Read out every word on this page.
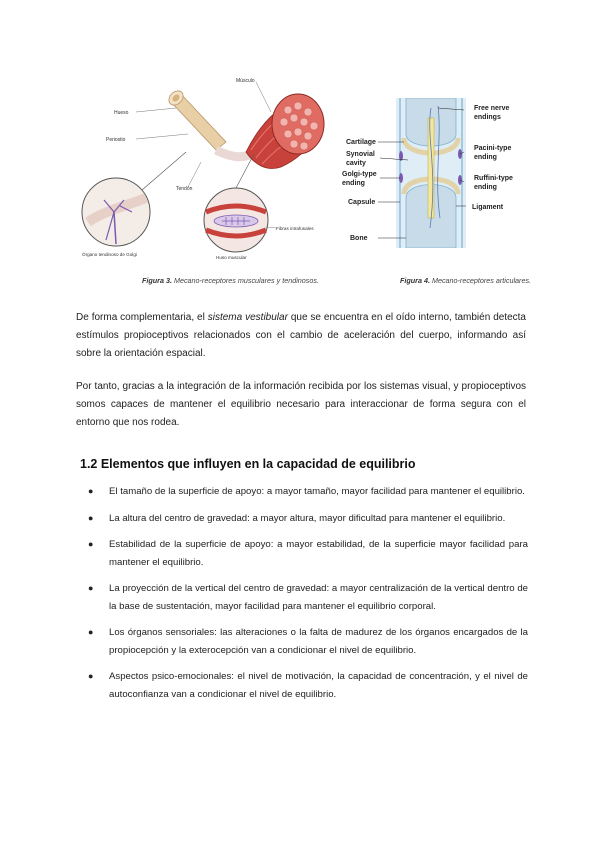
Músculo
Hueso
Periostio
Tendón
Órgano tendinoso de Golgi
Fibras intrafusales
Huso muscular
Figura 3. Mecano-receptores musculares y tendinosos.
Free nerve
endings
Cartilage
Synovial
cavity
Pacini-type
ending
Golgi-type
ending
Ruffini-type
ending
Capsule
Ligament
Bone
Figura 4. Mecano-receptores articulares.

De forma complementaria, el sistema vestibular que se encuentra en el oído interno, también detecta estímulos propioceptivos relacionados con el cambio de aceleración del cuerpo, informando así sobre la orientación espacial.

Por tanto, gracias a la integración de la información recibida por los sistemas visual, y propioceptivos somos capaces de mantener el equilibrio necesario para interaccionar de forma segura con el entorno que nos rodea.

1.2 Elementos que influyen en la capacidad de equilibrio
● El tamaño de la superficie de apoyo: a mayor tamaño, mayor facilidad para mantener el equilibrio.
● La altura del centro de gravedad: a mayor altura, mayor dificultad para mantener el equilibrio.
● Estabilidad de la superficie de apoyo: a mayor estabilidad, de la superficie mayor facilidad para mantener el equilibrio.
● La proyección de la vertical del centro de gravedad: a mayor centralización de la vertical dentro de la base de sustentación, mayor facilidad para mantener el equilibrio corporal.
● Los órganos sensoriales: las alteraciones o la falta de madurez de los órganos encargados de la propiocepción y la exterocepción van a condicionar el nivel de equilibrio.
● Aspectos psico-emocionales: el nivel de motivación, la capacidad de concentración, y el nivel de autoconfianza van a condicionar el nivel de equilibrio.
